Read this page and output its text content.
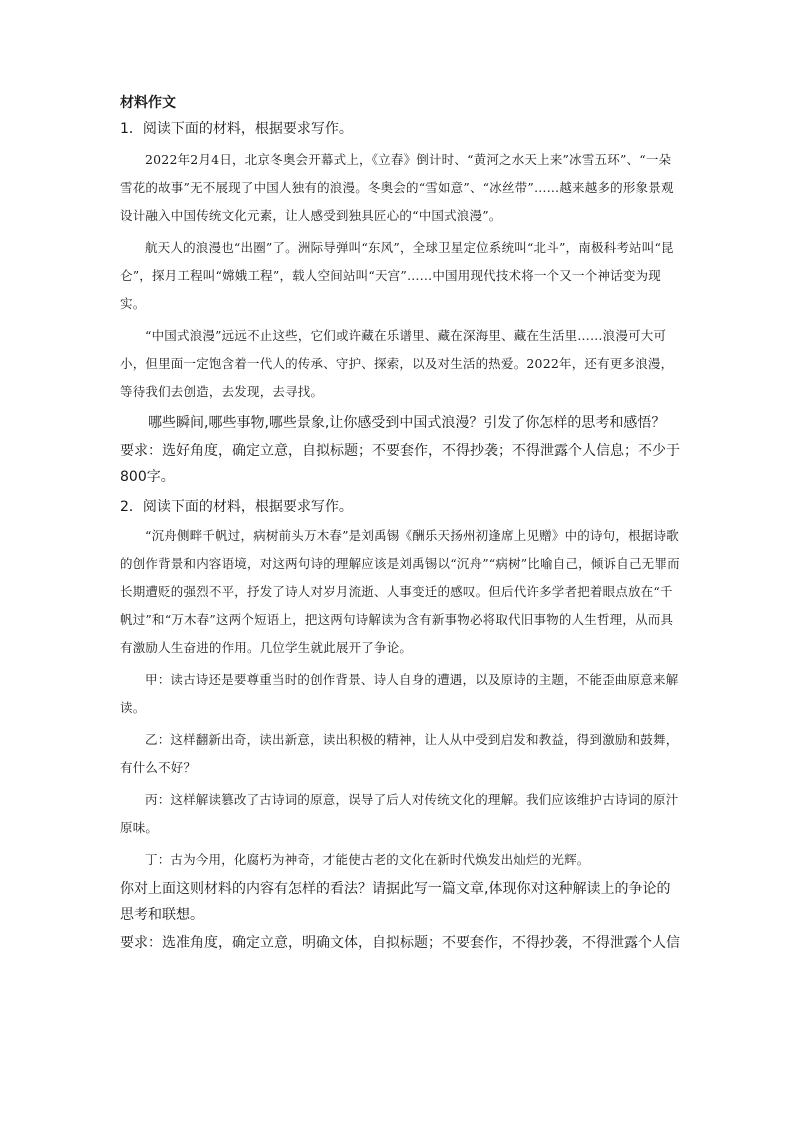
材料作文

1．阅读下面的材料，根据要求写作。

2022年2月4日，北京冬奥会开幕式上，《立春》倒计时、“黄河之水天上来”冰雪五环”、“一朵雪花的故事”无不展现了中国人独有的浪漫。冬奥会的“雪如意”、“冰丝带”……越来越多的形象景观设计融入中国传统文化元素，让人感受到独具匠心的“中国式浪漫”。

航天人的浪漫也“出圈”了。洲际导弹叫“东风”，全球卫星定位系统叫“北斗”，南极科考站叫“昆仑”，探月工程叫“嫦娥工程”，载人空间站叫“天宫”……中国用现代技术将一个又一个神话变为现实。

“中国式浪漫”远远不止这些，它们或许藏在乐谱里、藏在深海里、藏在生活里……浪漫可大可小，但里面一定饱含着一代人的传承、守护、探索，以及对生活的热爱。2022年，还有更多浪漫，等待我们去创造，去发现，去寻找。

哪些瞬间,哪些事物,哪些景象,让你感受到中国式浪漫？引发了你怎样的思考和感悟？

要求：选好角度，确定立意，自拟标题；不要套作，不得抄袭；不得泄露个人信息；不少于800字。

2．阅读下面的材料，根据要求写作。

“沉舟侧畔千帆过，病树前头万木春”是刘禹锡《酬乐天扬州初逢席上见赠》中的诗句，根据诗歌的创作背景和内容语境，对这两句诗的理解应该是刘禹锡以“沉舟”“病树”比喻自己，倾诉自己无罪而长期遭贬的强烈不平，抒发了诗人对岁月流逝、人事变迁的感叹。但后代许多学者把着眼点放在“千帆过”和“万木春”这两个短语上，把这两句诗解读为含有新事物必将取代旧事物的人生哲理，从而具有激励人生奋进的作用。几位学生就此展开了争论。

甲：读古诗还是要尊重当时的创作背景、诗人自身的遭遇，以及原诗的主题，不能歪曲原意来解读。

乙：这样翻新出奇，读出新意，读出积极的精神，让人从中受到启发和教益，得到激励和鼓舞，有什么不好？

丙：这样解读篡改了古诗词的原意，误导了后人对传统文化的理解。我们应该维护古诗词的原汁原味。

丁：古为今用，化腐朽为神奇，才能使古老的文化在新时代焕发出灿烂的光辉。

你对上面这则材料的内容有怎样的看法？请据此写一篇文章,体现你对这种解读上的争论的思考和联想。

要求：选准角度，确定立意，明确文体，自拟标题；不要套作，不得抄袭，不得泄露个人信
